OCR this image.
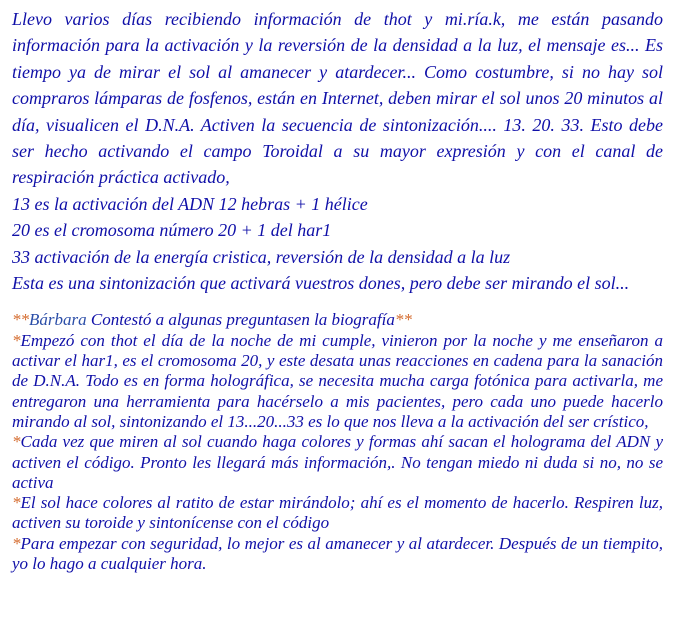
Llevo varios días recibiendo información de thot y mi.ría.k, me están pasando información para la activación y la reversión de la densidad a la luz, el mensaje es... Es tiempo ya de mirar el sol al amanecer y atardecer... Como costumbre, si no hay sol compraros lámparas de fosfenos, están en Internet, deben mirar el sol unos 20 minutos al día, visualicen el D.N.A. Activen la secuencia de sintonización.... 13. 20. 33. Esto debe ser hecho activando el campo Toroidal a su mayor expresión y con el canal de respiración práctica activado,

13 es la activación del ADN 12 hebras + 1 hélice

20 es el cromosoma número 20 + 1 del har1

33 activación de la energía cristica, reversión de la densidad a la luz

Esta es una sintonización que activará vuestros dones, pero debe ser mirando el sol...

**Bárbara Contestó a algunas preguntasen la biografía**

*Empezó con thot el día de la noche de mi cumple, vinieron por la noche y me enseñaron a activar el har1, es el cromosoma 20, y este desata unas reacciones en cadena para la sanación de D.N.A. Todo es en forma holográfica, se necesita mucha carga fotónica para activarla, me entregaron una herramienta para hacérselo a mis pacientes, pero cada uno puede hacerlo mirando al sol, sintonizando el 13...20...33 es lo que nos lleva a la activación del ser crístico,

*Cada vez que miren al sol cuando haga colores y formas ahí sacan el holograma del ADN y activen el código. Pronto les llegará más información,. No tengan miedo ni duda si no, no se activa

*El sol hace colores al ratito de estar mirándolo; ahí es el momento de hacerlo. Respiren luz, activen su toroide y sintonícense con el código

*Para empezar con seguridad, lo mejor es al amanecer y al atardecer. Después de un tiempito, yo lo hago a cualquier hora.
